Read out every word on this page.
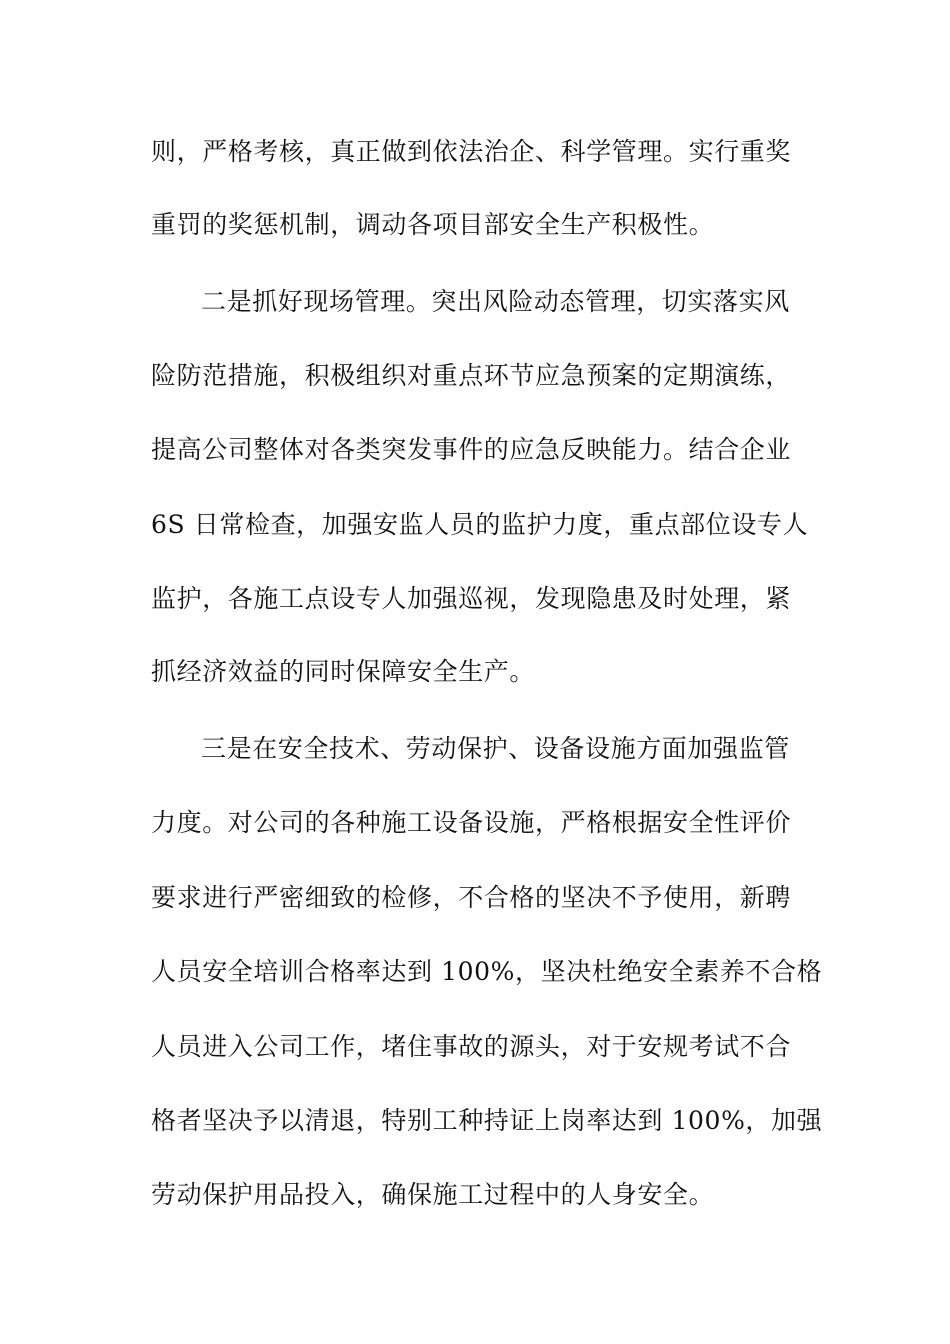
则，严格考核，真正做到依法治企、科学管理。实行重奖
重罚的奖惩机制，调动各项目部安全生产积极性。
二是抓好现场管理。突出风险动态管理，切实落实风
险防范措施，积极组织对重点环节应急预案的定期演练，
提高公司整体对各类突发事件的应急反映能力。结合企业
6S 日常检查，加强安监人员的监护力度，重点部位设专人
监护，各施工点设专人加强巡视，发现隐患及时处理，紧
抓经济效益的同时保障安全生产。
三是在安全技术、劳动保护、设备设施方面加强监管
力度。对公司的各种施工设备设施，严格根据安全性评价
要求进行严密细致的检修，不合格的坚决不予使用，新聘
人员安全培训合格率达到 100%，坚决杜绝安全素养不合格
人员进入公司工作，堵住事故的源头，对于安规考试不合
格者坚决予以清退，特别工种持证上岗率达到 100%，加强
劳动保护用品投入，确保施工过程中的人身安全。
